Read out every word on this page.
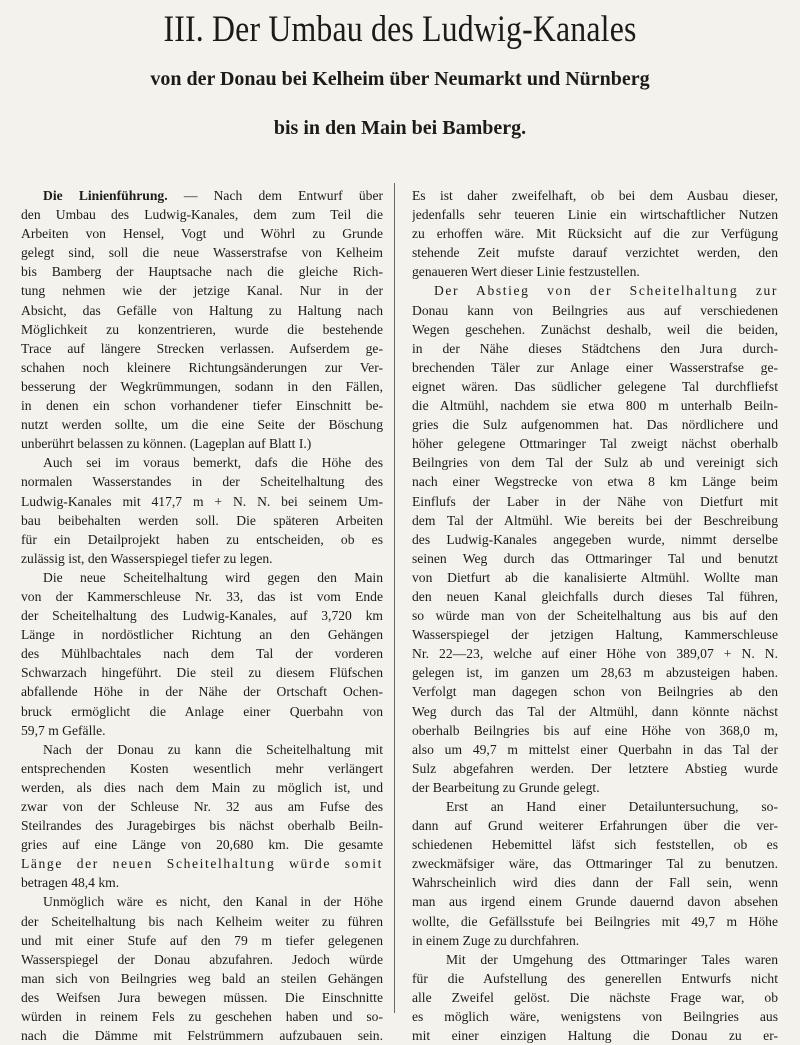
III. Der Umbau des Ludwig-Kanales
von der Donau bei Kelheim über Neumarkt und Nürnberg
bis in den Main bei Bamberg.
Die Linienführung. — Nach dem Entwurf über
den Umbau des Ludwig-Kanales, dem zum Teil die
Arbeiten von Hensel, Vogt und Wöhrl zu Grunde
gelegt sind, soll die neue Wasserstrafse von Kelheim
bis Bamberg der Hauptsache nach die gleiche Rich-
tung nehmen wie der jetzige Kanal. Nur in der
Absicht, das Gefälle von Haltung zu Haltung nach
Möglichkeit zu konzentrieren, wurde die bestehende
Trace auf längere Strecken verlassen. Aufserdem ge-
schahen noch kleinere Richtungsänderungen zur Ver-
besserung der Wegkrümmungen, sodann in den Fällen,
in denen ein schon vorhandener tiefer Einschnitt be-
nutzt werden sollte, um die eine Seite der Böschung
unberührt belassen zu können. (Lageplan auf Blatt I.)
Auch sei im voraus bemerkt, dafs die Höhe des
normalen Wasserstandes in der Scheitelhaltung des
Ludwig-Kanales mit 417,7 m + N. N. bei seinem Um-
bau beibehalten werden soll. Die späteren Arbeiten
für ein Detailprojekt haben zu entscheiden, ob es
zulässig ist, den Wasserspiegel tiefer zu legen.
Die neue Scheitelhaltung wird gegen den Main
von der Kammerschleuse Nr. 33, das ist vom Ende
der Scheitelhaltung des Ludwig-Kanales, auf 3,720 km
Länge in nordöstlicher Richtung an den Gehängen
des Mühlbachtales nach dem Tal der vorderen
Schwarzach hingeführt. Die steil zu diesem Flüfschen
abfallende Höhe in der Nähe der Ortschaft Ochen-
bruck ermöglicht die Anlage einer Querbahn von
59,7 m Gefälle.
Nach der Donau zu kann die Scheitelhaltung mit
entsprechenden Kosten wesentlich mehr verlängert
werden, als dies nach dem Main zu möglich ist, und
zwar von der Schleuse Nr. 32 aus am Fufse des
Steilrandes des Juragebirges bis nächst oberhalb Beiln-
gries auf eine Länge von 20,680 km. Die gesamte
Länge der neuen Scheitelhaltung würde somit
betragen 48,4 km.
Unmöglich wäre es nicht, den Kanal in der Höhe
der Scheitelhaltung bis nach Kelheim weiter zu führen
und mit einer Stufe auf den 79 m tiefer gelegenen
Wasserspiegel der Donau abzufahren. Jedoch würde
man sich von Beilngries weg bald an steilen Gehängen
des Weifsen Jura bewegen müssen. Die Einschnitte
würden in reinem Fels zu geschehen haben und so-
nach die Dämme mit Felstrümmern aufzubauen sein.
Es ist daher zweifelhaft, ob bei dem Ausbau dieser,
jedenfalls sehr teueren Linie ein wirtschaftlicher Nutzen
zu erhoffen wäre. Mit Rücksicht auf die zur Verfügung
stehende Zeit mufste darauf verzichtet werden, den
genaueren Wert dieser Linie festzustellen.
Der Abstieg von der Scheitelhaltung zur
Donau kann von Beilngries aus auf verschiedenen
Wegen geschehen. Zunächst deshalb, weil die beiden,
in der Nähe dieses Städtchens den Jura durch-
brechenden Täler zur Anlage einer Wasserstrafse ge-
eignet wären. Das südlicher gelegene Tal durchfliefst
die Altmühl, nachdem sie etwa 800 m unterhalb Beiln-
gries die Sulz aufgenommen hat. Das nördlichere und
höher gelegene Ottmaringer Tal zweigt nächst oberhalb
Beilngries von dem Tal der Sulz ab und vereinigt sich
nach einer Wegstrecke von etwa 8 km Länge beim
Einflufs der Laber in der Nähe von Dietfurt mit
dem Tal der Altmühl. Wie bereits bei der Beschreibung
des Ludwig-Kanales angegeben wurde, nimmt derselbe
seinen Weg durch das Ottmaringer Tal und benutzt
von Dietfurt ab die kanalisierte Altmühl. Wollte man
den neuen Kanal gleichfalls durch dieses Tal führen,
so würde man von der Scheitelhaltung aus bis auf den
Wasserspiegel der jetzigen Haltung, Kammerschleuse
Nr. 22—23, welche auf einer Höhe von 389,07 + N. N.
gelegen ist, im ganzen um 28,63 m abzusteigen haben.
Verfolgt man dagegen schon von Beilngries ab den
Weg durch das Tal der Altmühl, dann könnte nächst
oberhalb Beilngries bis auf eine Höhe von 368,0 m,
also um 49,7 m mittelst einer Querbahn in das Tal der
Sulz abgefahren werden. Der letztere Abstieg wurde
der Bearbeitung zu Grunde gelegt.
Erst an Hand einer Detailuntersuchung, so-
dann auf Grund weiterer Erfahrungen über die ver-
schiedenen Hebemittel läfst sich feststellen, ob es
zweckmäfsiger wäre, das Ottmaringer Tal zu benutzen.
Wahrscheinlich wird dies dann der Fall sein, wenn
man aus irgend einem Grunde dauernd davon absehen
wollte, die Gefällsstufe bei Beilngries mit 49,7 m Höhe
in einem Zuge zu durchfahren.
Mit der Umgehung des Ottmaringer Tales waren
für die Aufstellung des generellen Entwurfs nicht
alle Zweifel gelöst. Die nächste Frage war, ob
es möglich wäre, wenigstens von Beilngries aus
mit einer einzigen Haltung die Donau zu er-
